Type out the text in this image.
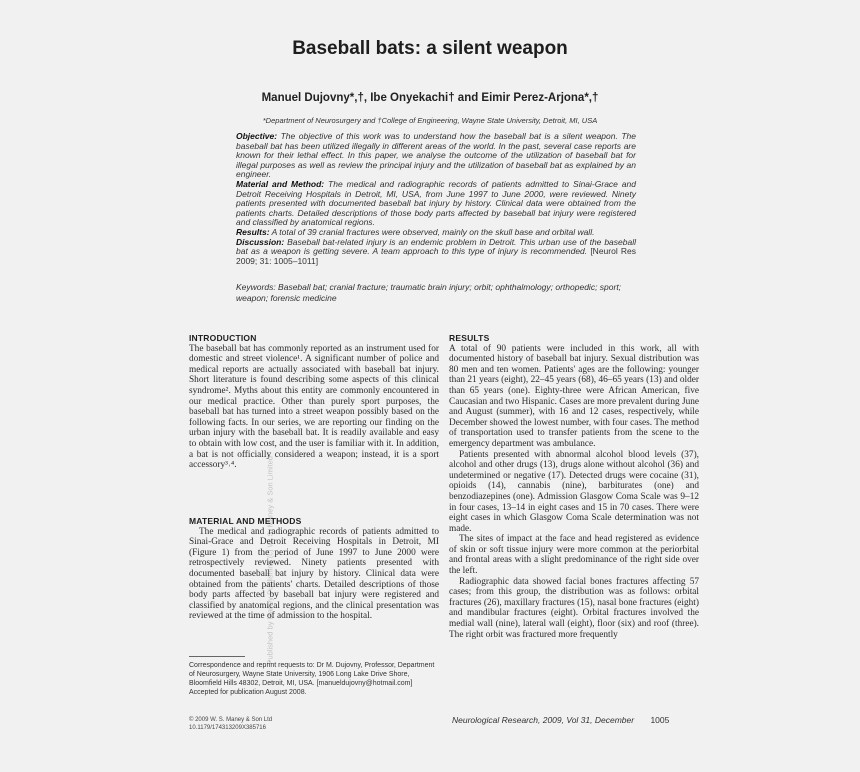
Published by Maney Publishing (c) W. S. Maney & Son Limited
Baseball bats: a silent weapon
Manuel Dujovny*,†, Ibe Onyekachi† and Eimir Perez-Arjona*,†
*Department of Neurosurgery and †College of Engineering, Wayne State University, Detroit, MI, USA

Objective: The objective of this work was to understand how the baseball bat is a silent weapon. The baseball bat has been utilized illegally in different areas of the world. In the past, several case reports are known for their lethal effect. In this paper, we analyse the outcome of the utilization of baseball bat for illegal purposes as well as review the principal injury and the utilization of baseball bat as explained by an engineer.

Material and Method: The medical and radiographic records of patients admitted to Sinai-Grace and Detroit Receiving Hospitals in Detroit, MI, USA, from June 1997 to June 2000, were reviewed. Ninety patients presented with documented baseball bat injury by history. Clinical data were obtained from the patients charts. Detailed descriptions of those body parts affected by baseball bat injury were registered and classified by anatomical regions.

Results: A total of 39 cranial fractures were observed, mainly on the skull base and orbital wall.

Discussion: Baseball bat-related injury is an endemic problem in Detroit. This urban use of the baseball bat as a weapon is getting severe. A team approach to this type of injury is recommended. [Neurol Res 2009; 31: 1005–1011]

Keywords: Baseball bat; cranial fracture; traumatic brain injury; orbit; ophthalmology; orthopedic; sport; weapon; forensic medicine
INTRODUCTION

The baseball bat has commonly reported as an instrument used for domestic and street violence¹. A significant number of police and medical reports are actually associated with baseball bat injury. Short literature is found describing some aspects of this clinical syndrome². Myths about this entity are commonly encountered in our medical practice. Other than purely sport purposes, the baseball bat has turned into a street weapon possibly based on the following facts. In our series, we are reporting our finding on the urban injury with the baseball bat. It is readily available and easy to obtain with low cost, and the user is familiar with it. In addition, a bat is not officially considered a weapon; instead, it is a sport accessory³˒⁴.

MATERIAL AND METHODS

The medical and radiographic records of patients admitted to Sinai-Grace and Detroit Receiving Hospitals in Detroit, MI (Figure 1) from the period of June 1997 to June 2000 were retrospectively reviewed. Ninety patients presented with documented baseball bat injury by history. Clinical data were obtained from the patients' charts. Detailed descriptions of those body parts affected by baseball bat injury were registered and classified by anatomical regions, and the clinical presentation was reviewed at the time of admission to the hospital.

Correspondence and reprint requests to: Dr M. Dujovny, Professor, Department of Neurosurgery, Wayne State University, 1906 Long Lake Drive Shore, Bloomfield Hills 48302, Detroit, MI, USA. [manueldujovny@hotmail.com] Accepted for publication August 2008.
RESULTS

A total of 90 patients were included in this work, all with documented history of baseball bat injury. Sexual distribution was 80 men and ten women. Patients' ages are the following: younger than 21 years (eight), 22–45 years (68), 46–65 years (13) and older than 65 years (one). Eighty-three were African American, five Caucasian and two Hispanic. Cases are more prevalent during June and August (summer), with 16 and 12 cases, respectively, while December showed the lowest number, with four cases. The method of transportation used to transfer patients from the scene to the emergency department was ambulance.

Patients presented with abnormal alcohol blood levels (37), alcohol and other drugs (13), drugs alone without alcohol (36) and undetermined or negative (17). Detected drugs were cocaine (31), opioids (14), cannabis (nine), barbiturates (one) and benzodiazepines (one). Admission Glasgow Coma Scale was 9–12 in four cases, 13–14 in eight cases and 15 in 70 cases. There were eight cases in which Glasgow Coma Scale determination was not made.

The sites of impact at the face and head registered as evidence of skin or soft tissue injury were more common at the periorbital and frontal areas with a slight predominance of the right side over the left.

Radiographic data showed facial bones fractures affecting 57 cases; from this group, the distribution was as follows: orbital fractures (26), maxillary fractures (15), nasal bone fractures (eight) and mandibular fractures (eight). Orbital fractures involved the medial wall (nine), lateral wall (eight), floor (six) and roof (three). The right orbit was fractured more frequently

© 2009 W. S. Maney & Son Ltd
10.1179/174313209X385716
Neurological Research, 2009, Vol 31, December 1005
